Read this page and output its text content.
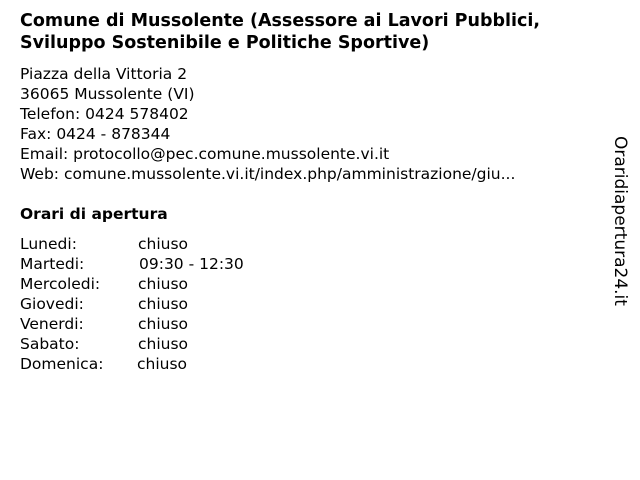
Comune di Mussolente (Assessore ai Lavori Pubblici, Sviluppo Sostenibile e Politiche Sportive)
Piazza della Vittoria 2
36065 Mussolente (VI)
Telefon: 0424 578402
Fax: 0424 - 878344
Email: protocollo@pec.comune.mussolente.vi.it
Web: comune.mussolente.vi.it/index.php/amministrazione/giu...
Orari di apertura
Lunedi:	chiuso
Martedi:	09:30 - 12:30
Mercoledi: chiuso
Giovedi:	chiuso
Venerdi:	chiuso
Sabato:	chiuso
Domenica: chiuso
Oraridiapertura24.it
